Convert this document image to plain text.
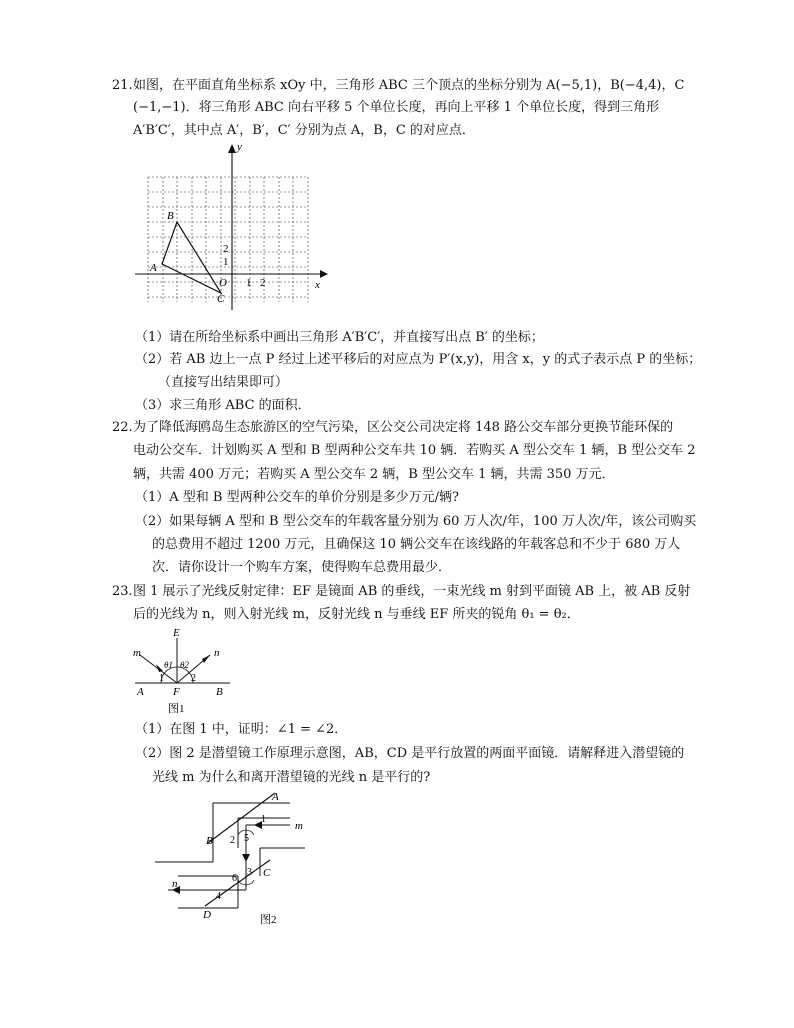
21. 如图，在平面直角坐标系 xOy 中，三角形 ABC 三个顶点的坐标分别为 A(−5,1)，B(−4,4)，C
(−1,−1)．将三角形 ABC 向右平移 5 个单位长度，再向上平移 1 个单位长度，得到三角形
A′B′C′，其中点 A′，B′，C′ 分别为点 A，B，C 的对应点．
x
y
O 1 2
1
2
A
B
C
（1）请在所给坐标系中画出三角形 A′B′C′，并直接写出点 B′ 的坐标；
（2）若 AB 边上一点 P 经过上述平移后的对应点为 P′(x,y)，用含 x，y 的式子表示点 P 的坐标；
（直接写出结果即可）
（3）求三角形 ABC 的面积．
22. 为了降低海鸥岛生态旅游区的空气污染，区公交公司决定将 148 路公交车部分更换节能环保的
电动公交车．计划购买 A 型和 B 型两种公交车共 10 辆．若购买 A 型公交车 1 辆，B 型公交车 2
辆，共需 400 万元；若购买 A 型公交车 2 辆，B 型公交车 1 辆，共需 350 万元．
（1）A 型和 B 型两种公交车的单价分别是多少万元/辆?
（2）如果每辆 A 型和 B 型公交车的年载客量分别为 60 万人次/年，100 万人次/年，该公司购买
的总费用不超过 1200 万元，且确保这 10 辆公交车在该线路的年载客总和不少于 680 万人
次．请你设计一个购车方案，使得购车总费用最少．
23. 图 1 展示了光线反射定律：EF 是镜面 AB 的垂线，一束光线 m 射到平面镜 AB 上，被 AB 反射
后的光线为 n，则入射光线 m，反射光线 n 与垂线 EF 所夹的锐角 θ₁ = θ₂．
E
F
A	B
m	n
θ1 θ2
1	2
图1
（1）在图 1 中，证明：∠1 = ∠2．
（2）图 2 是潜望镜工作原理示意图，AB，CD 是平行放置的两面平面镜．请解释进入潜望镜的
光线 m 为什么和离开潜望镜的光线 n 是平行的?
A
B
C
D
m
n
1
2
3
4
5
6
图2
